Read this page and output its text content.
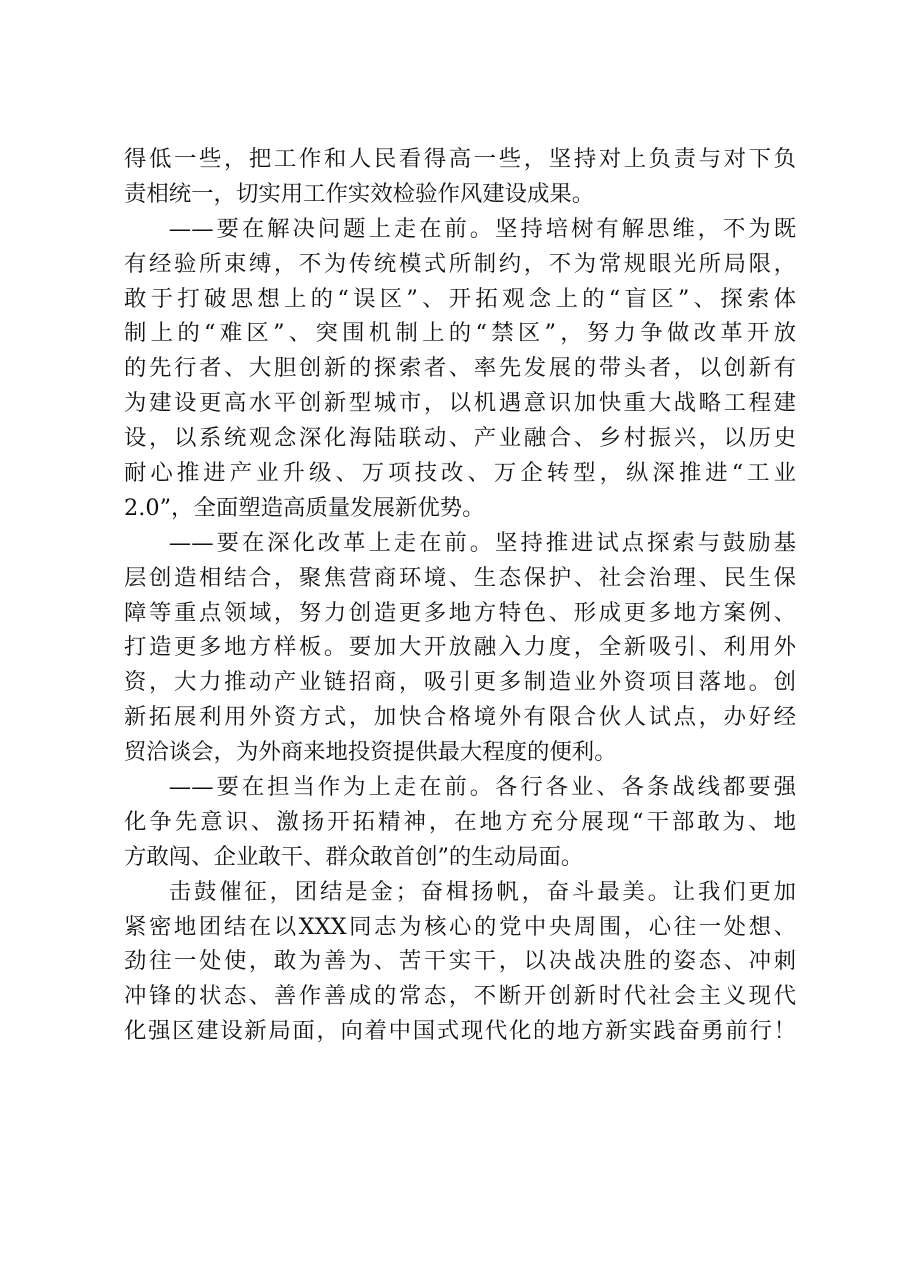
得低一些，把工作和人民看得高一些，坚持对上负责与对下负
责相统一，切实用工作实效检验作风建设成果。
——要在解决问题上走在前。坚持培树有解思维，不为既
有经验所束缚，不为传统模式所制约，不为常规眼光所局限，
敢于打破思想上的“误区”、开拓观念上的“盲区”、探索体
制上的“难区”、突围机制上的“禁区”，努力争做改革开放
的先行者、大胆创新的探索者、率先发展的带头者，以创新有
为建设更高水平创新型城市，以机遇意识加快重大战略工程建
设，以系统观念深化海陆联动、产业融合、乡村振兴，以历史
耐心推进产业升级、万项技改、万企转型，纵深推进“工业
2.0”，全面塑造高质量发展新优势。
——要在深化改革上走在前。坚持推进试点探索与鼓励基
层创造相结合，聚焦营商环境、生态保护、社会治理、民生保
障等重点领域，努力创造更多地方特色、形成更多地方案例、
打造更多地方样板。要加大开放融入力度，全新吸引、利用外
资，大力推动产业链招商，吸引更多制造业外资项目落地。创
新拓展利用外资方式，加快合格境外有限合伙人试点，办好经
贸洽谈会，为外商来地投资提供最大程度的便利。
——要在担当作为上走在前。各行各业、各条战线都要强
化争先意识、激扬开拓精神，在地方充分展现“干部敢为、地
方敢闯、企业敢干、群众敢首创”的生动局面。
击鼓催征，团结是金；奋楫扬帆，奋斗最美。让我们更加
紧密地团结在以XXX同志为核心的党中央周围，心往一处想、
劲往一处使，敢为善为、苦干实干，以决战决胜的姿态、冲刺
冲锋的状态、善作善成的常态，不断开创新时代社会主义现代
化强区建设新局面，向着中国式现代化的地方新实践奋勇前行！
